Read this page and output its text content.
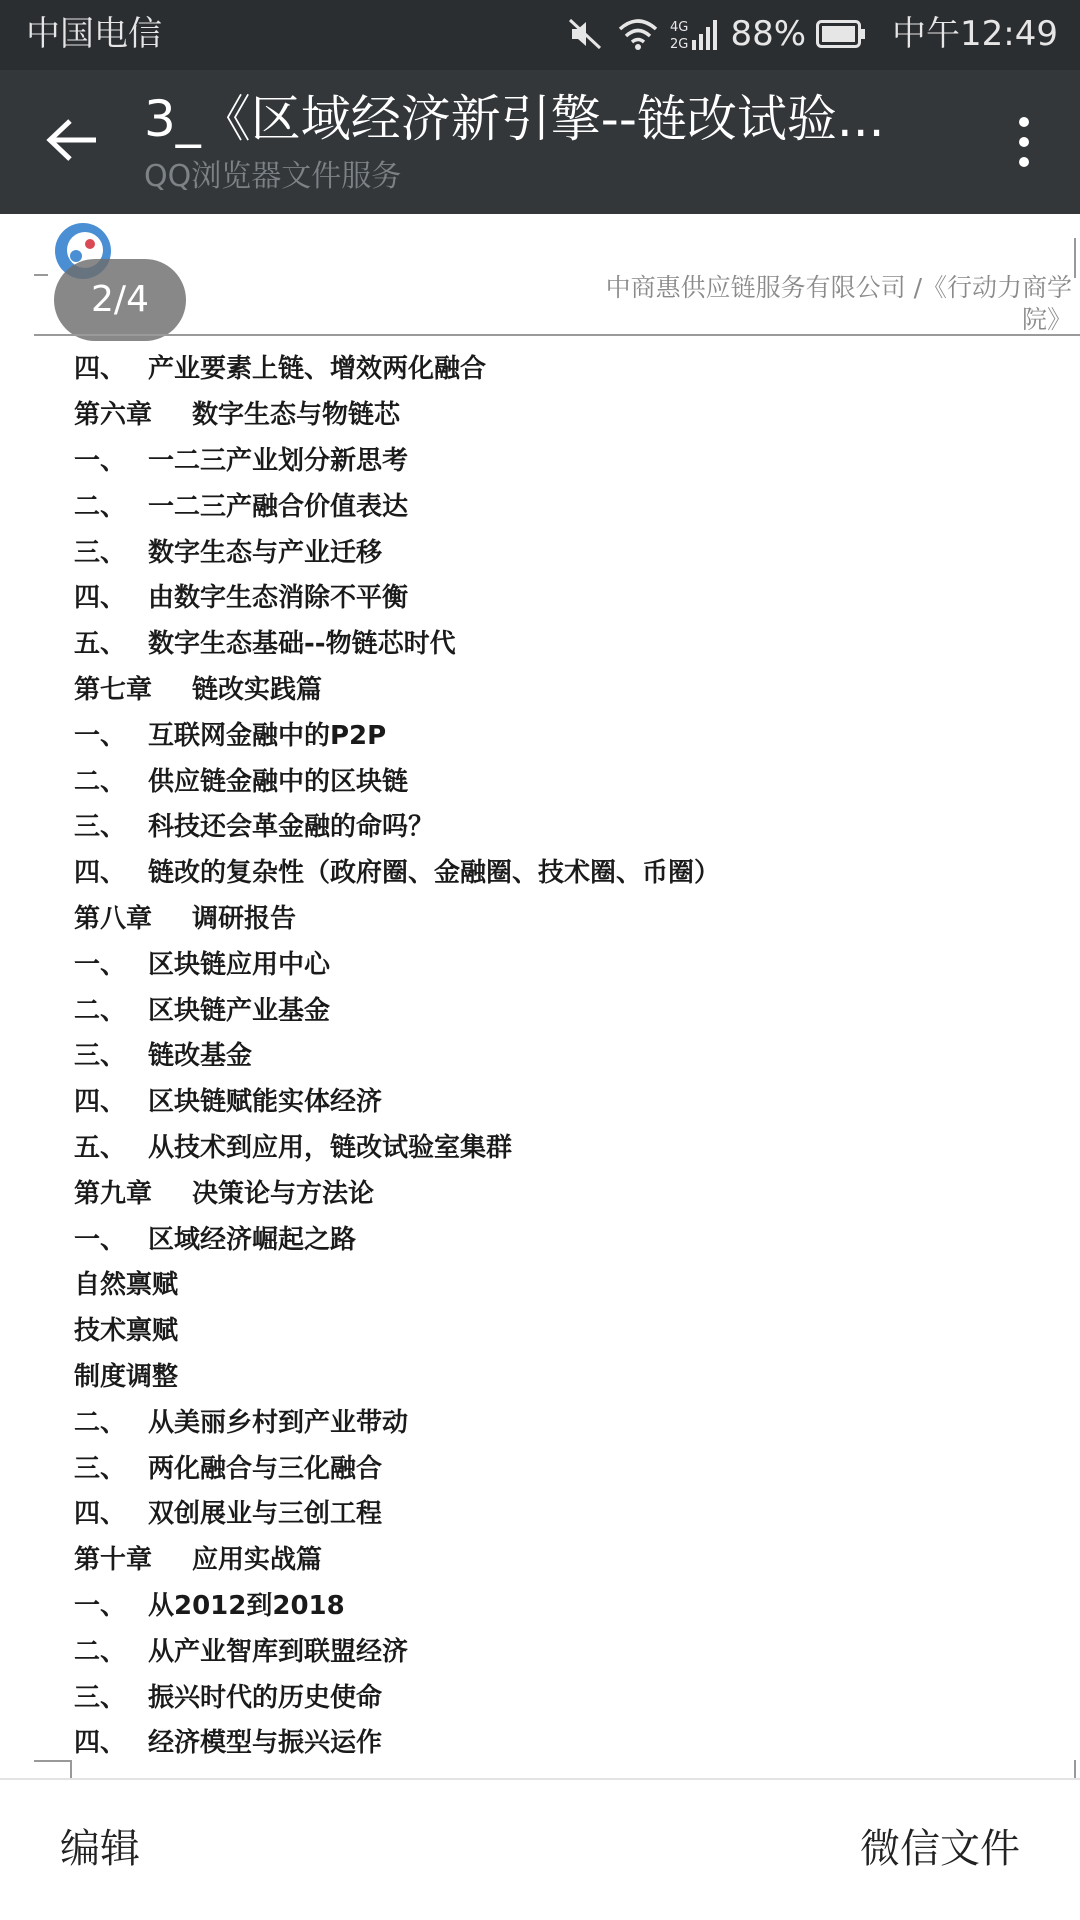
中国电信	4G
2G 88%	中午12:49
3_《区域经济新引擎--链改试验...
QQ浏览器文件服务
2/4	中商惠供应链服务有限公司 /《行动力商学
院》
四、 产业要素上链、增效两化融合
第六章	数字生态与物链芯
一、 一二三产业划分新思考
二、 一二三产融合价值表达
三、 数字生态与产业迁移
四、 由数字生态消除不平衡
五、 数字生态基础--物链芯时代
第七章	链改实践篇
一、 互联网金融中的P2P
二、 供应链金融中的区块链
三、 科技还会革金融的命吗？
四、 链改的复杂性（政府圈、金融圈、技术圈、币圈）
第八章	调研报告
一、 区块链应用中心
二、 区块链产业基金
三、 链改基金
四、 区块链赋能实体经济
五、 从技术到应用，链改试验室集群
第九章	决策论与方法论
一、 区域经济崛起之路
自然禀赋
技术禀赋
制度调整
二、 从美丽乡村到产业带动
三、 两化融合与三化融合
四、 双创展业与三创工程
第十章	应用实战篇
一、 从2012到2018
二、 从产业智库到联盟经济
三、 振兴时代的历史使命
四、 经济模型与振兴运作
编辑	微信文件
